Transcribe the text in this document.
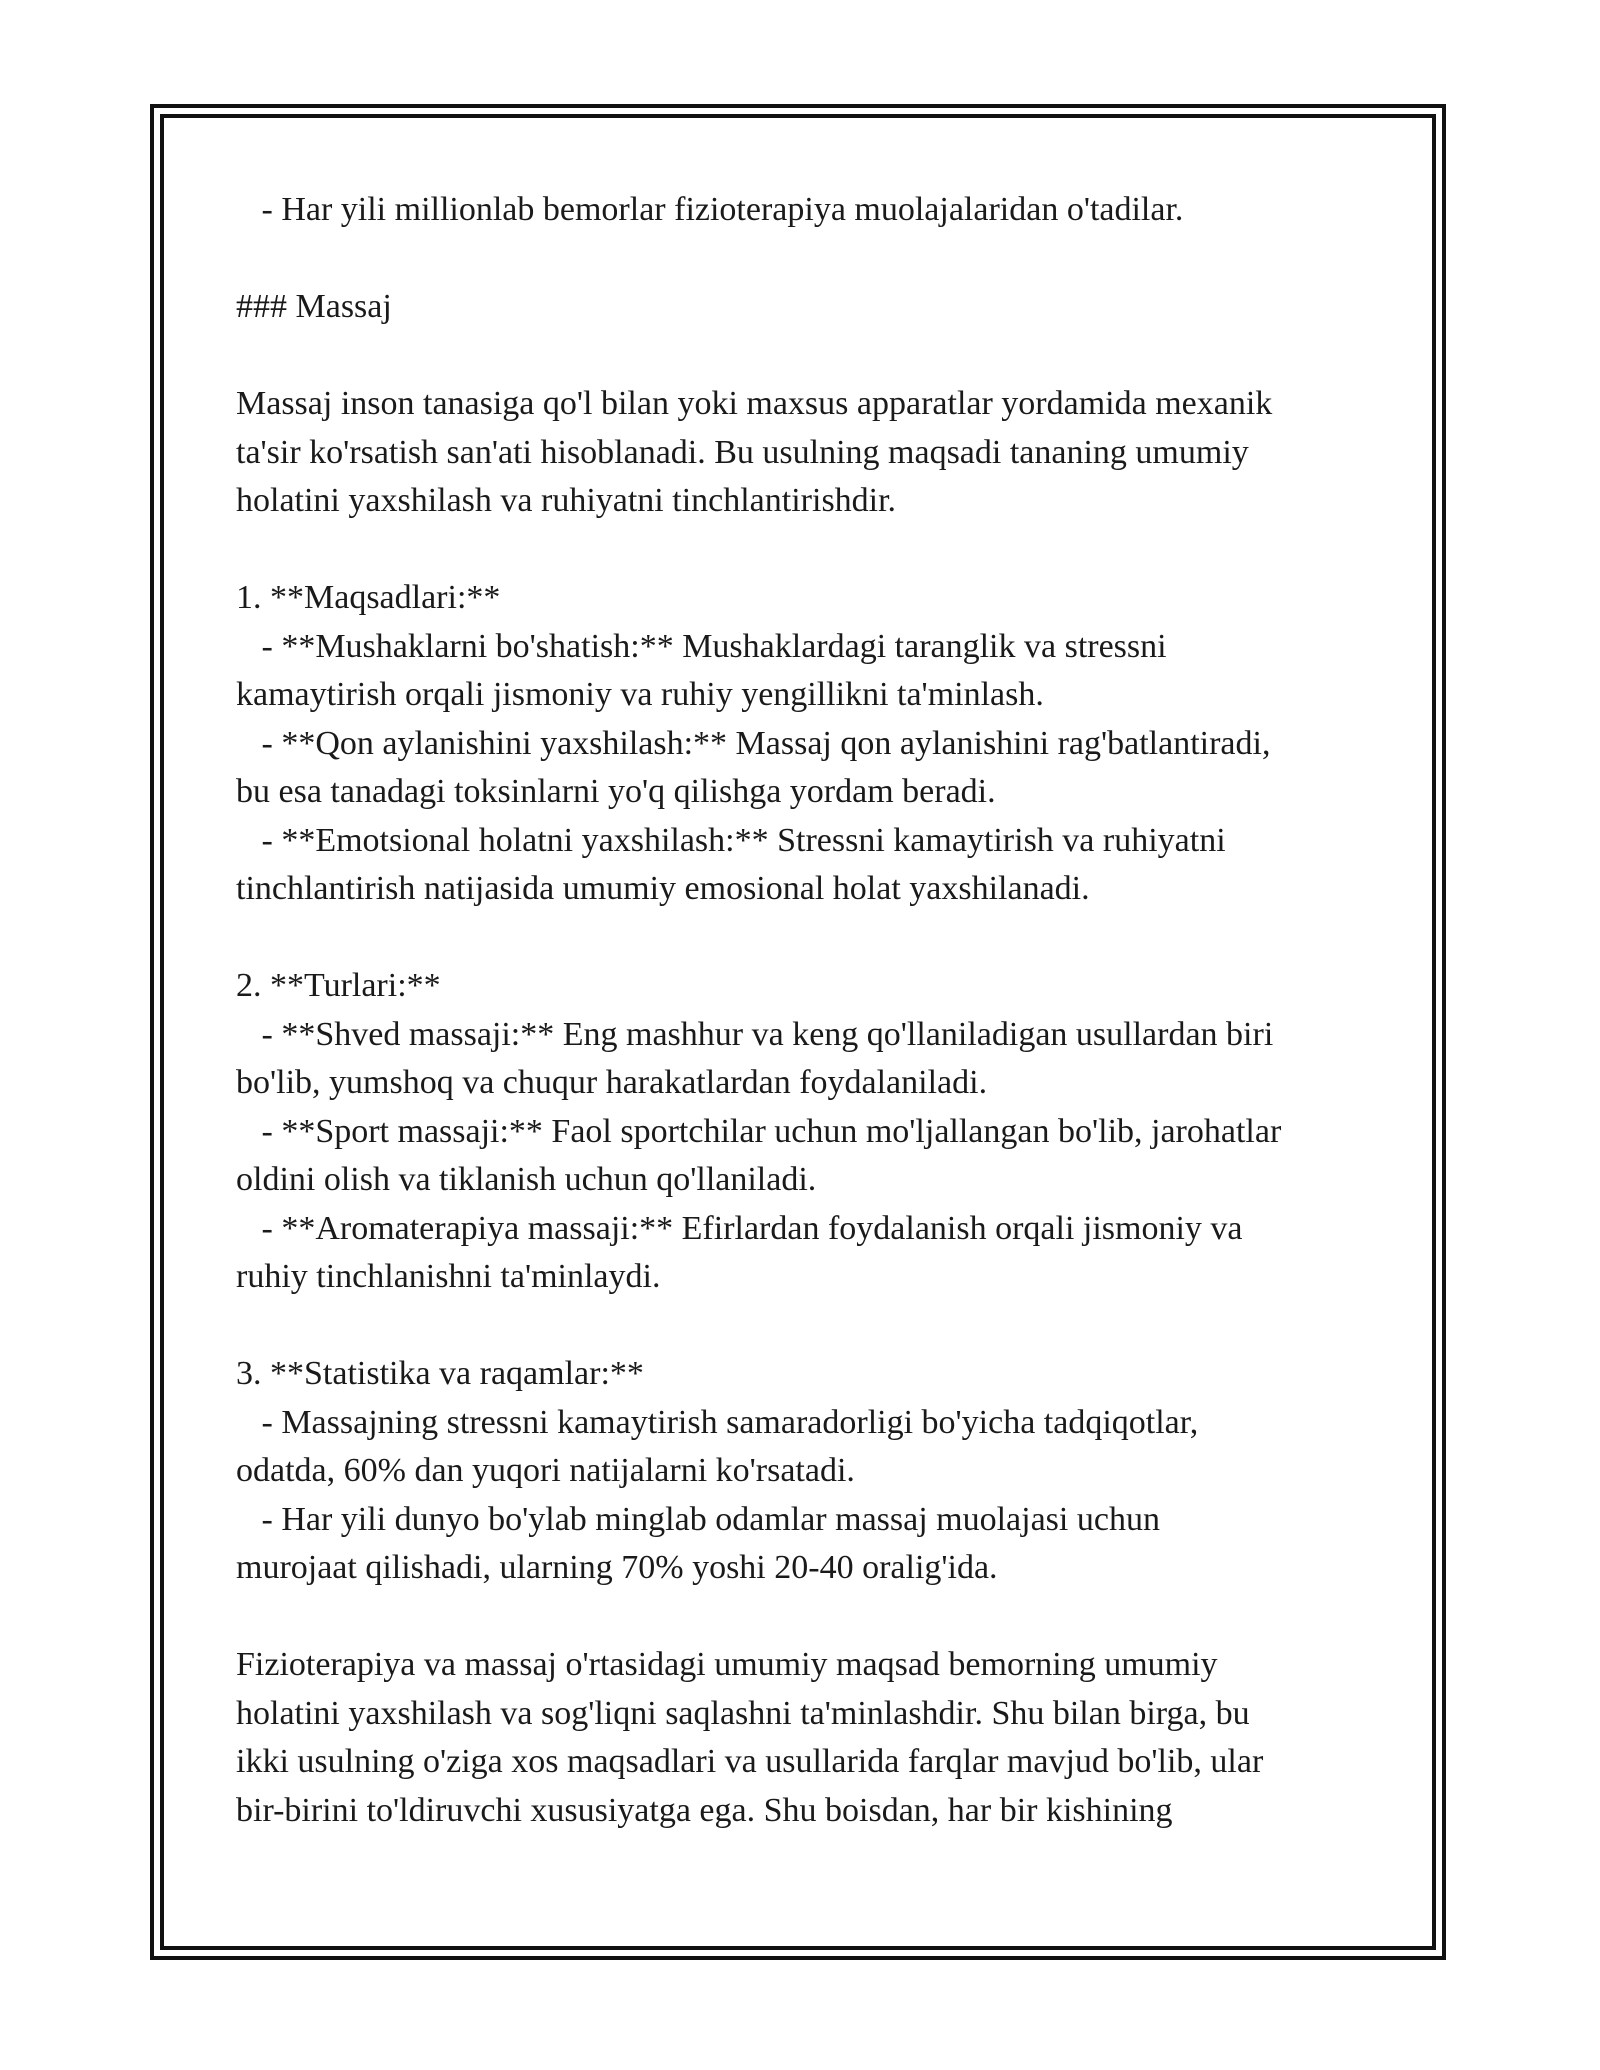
- Har yili millionlab bemorlar fizioterapiya muolajalaridan o'tadilar.
### Massaj
Massaj inson tanasiga qo'l bilan yoki maxsus apparatlar yordamida mexanik
ta'sir ko'rsatish san'ati hisoblanadi. Bu usulning maqsadi tananing umumiy
holatini yaxshilash va ruhiyatni tinchlantirishdir.
1. **Maqsadlari:**
- **Mushaklarni bo'shatish:** Mushaklardagi taranglik va stressni
kamaytirish orqali jismoniy va ruhiy yengillikni ta'minlash.
- **Qon aylanishini yaxshilash:** Massaj qon aylanishini rag'batlantiradi,
bu esa tanadagi toksinlarni yo'q qilishga yordam beradi.
- **Emotsional holatni yaxshilash:** Stressni kamaytirish va ruhiyatni
tinchlantirish natijasida umumiy emosional holat yaxshilanadi.
2. **Turlari:**
- **Shved massaji:** Eng mashhur va keng qo'llaniladigan usullardan biri
bo'lib, yumshoq va chuqur harakatlardan foydalaniladi.
- **Sport massaji:** Faol sportchilar uchun mo'ljallangan bo'lib, jarohatlar
oldini olish va tiklanish uchun qo'llaniladi.
- **Aromaterapiya massaji:** Efirlardan foydalanish orqali jismoniy va
ruhiy tinchlanishni ta'minlaydi.
3. **Statistika va raqamlar:**
- Massajning stressni kamaytirish samaradorligi bo'yicha tadqiqotlar,
odatda, 60% dan yuqori natijalarni ko'rsatadi.
- Har yili dunyo bo'ylab minglab odamlar massaj muolajasi uchun
murojaat qilishadi, ularning 70% yoshi 20-40 oralig'ida.
Fizioterapiya va massaj o'rtasidagi umumiy maqsad bemorning umumiy
holatini yaxshilash va sog'liqni saqlashni ta'minlashdir. Shu bilan birga, bu
ikki usulning o'ziga xos maqsadlari va usullarida farqlar mavjud bo'lib, ular
bir-birini to'ldiruvchi xususiyatga ega. Shu boisdan, har bir kishining
